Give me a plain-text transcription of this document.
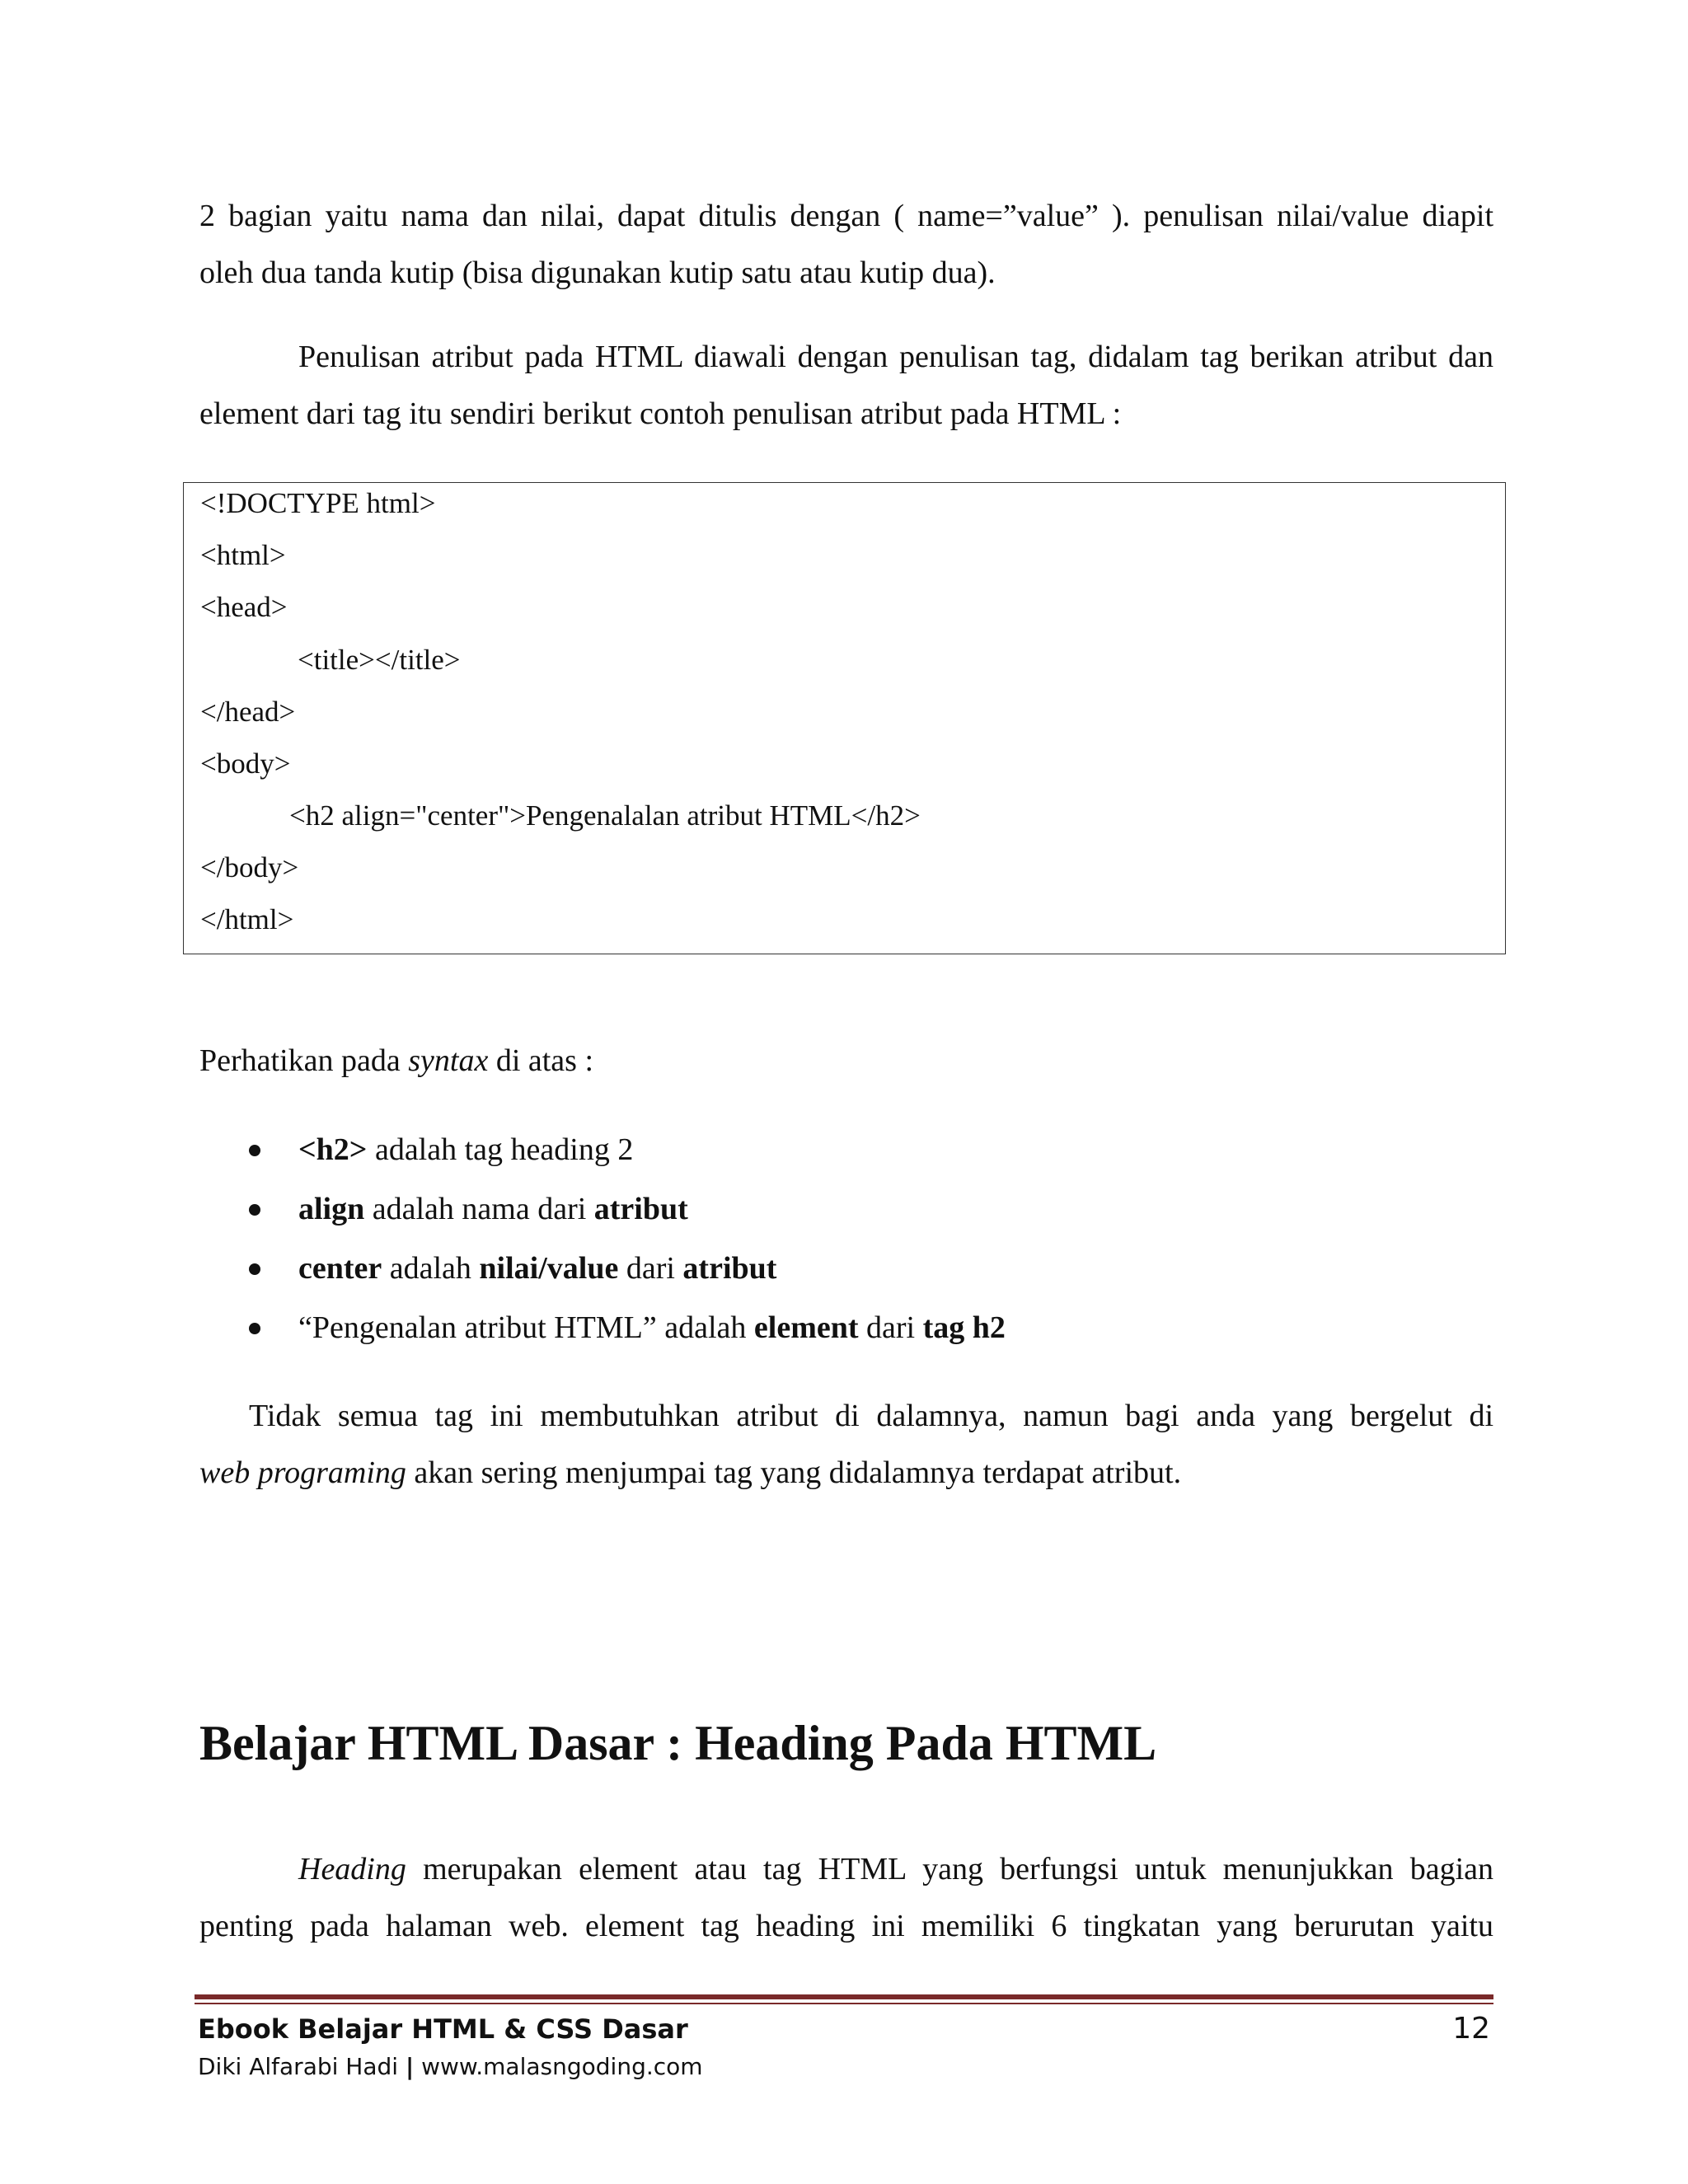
2 bagian yaitu nama dan nilai, dapat ditulis dengan ( name=”value” ). penulisan nilai/value diapit

oleh dua tanda kutip (bisa digunakan kutip satu atau kutip dua).

Penulisan atribut pada HTML diawali dengan penulisan tag, didalam tag berikan atribut dan element dari tag itu sendiri berikut contoh penulisan atribut pada HTML :

<!DOCTYPE html>
<html>
<head>
<title></title>
</head>
<body>
<h2 align="center">Pengenalalan atribut HTML</h2>
</body>
</html>

Perhatikan pada syntax di atas :

<h2> adalah tag heading 2
align adalah nama dari atribut
center adalah nilai/value dari atribut
“Pengenalan atribut HTML” adalah element dari tag h2

Tidak semua tag ini membutuhkan atribut di dalamnya, namun bagi anda yang bergelut di

web programing akan sering menjumpai tag yang didalamnya terdapat atribut.

Belajar HTML Dasar : Heading Pada HTML

Heading merupakan element atau tag HTML yang berfungsi untuk menunjukkan bagian penting pada halaman web. element tag heading ini memiliki 6 tingkatan yang berurutan yaitu

Ebook Belajar HTML & CSS Dasar
Diki Alfarabi Hadi | www.malasngoding.com
12
